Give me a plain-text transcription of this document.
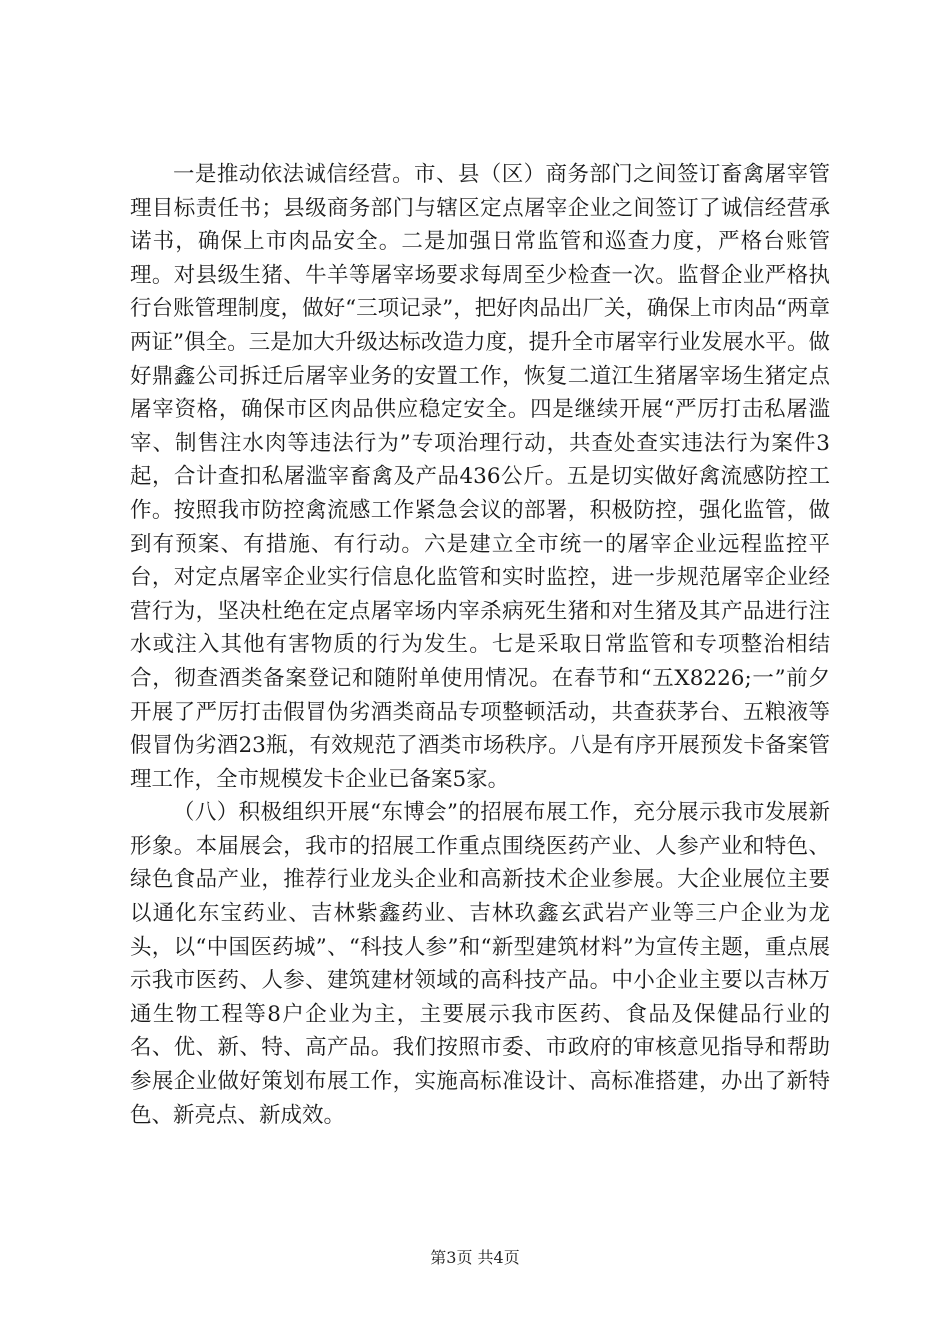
一是推动依法诚信经营。市、县（区）商务部门之间签订畜禽屠宰管理目标责任书；县级商务部门与辖区定点屠宰企业之间签订了诚信经营承诺书，确保上市肉品安全。二是加强日常监管和巡查力度，严格台账管理。对县级生猪、牛羊等屠宰场要求每周至少检查一次。监督企业严格执行台账管理制度，做好“三项记录”，把好肉品出厂关，确保上市肉品“两章两证”俱全。三是加大升级达标改造力度，提升全市屠宰行业发展水平。做好鼎鑫公司拆迁后屠宰业务的安置工作，恢复二道江生猪屠宰场生猪定点屠宰资格，确保市区肉品供应稳定安全。四是继续开展“严厉打击私屠滥宰、制售注水肉等违法行为”专项治理行动，共查处查实违法行为案件3起，合计查扣私屠滥宰畜禽及产品436公斤。五是切实做好禽流感防控工作。按照我市防控禽流感工作紧急会议的部署，积极防控，强化监管，做到有预案、有措施、有行动。六是建立全市统一的屠宰企业远程监控平台，对定点屠宰企业实行信息化监管和实时监控，进一步规范屠宰企业经营行为，坚决杜绝在定点屠宰场内宰杀病死生猪和对生猪及其产品进行注水或注入其他有害物质的行为发生。七是采取日常监管和专项整治相结合，彻查酒类备案登记和随附单使用情况。在春节和“五X8226;一”前夕开展了严厉打击假冒伪劣酒类商品专项整顿活动，共查获茅台、五粮液等假冒伪劣酒23瓶，有效规范了酒类市场秩序。八是有序开展预发卡备案管理工作，全市规模发卡企业已备案5家。

（八）积极组织开展“东博会”的招展布展工作，充分展示我市发展新形象。本届展会，我市的招展工作重点围绕医药产业、人参产业和特色、绿色食品产业，推荐行业龙头企业和高新技术企业参展。大企业展位主要以通化东宝药业、吉林紫鑫药业、吉林玖鑫玄武岩产业等三户企业为龙头，以“中国医药城”、“科技人参”和“新型建筑材料”为宣传主题，重点展示我市医药、人参、建筑建材领域的高科技产品。中小企业主要以吉林万通生物工程等8户企业为主，主要展示我市医药、食品及保健品行业的名、优、新、特、高产品。我们按照市委、市政府的审核意见指导和帮助参展企业做好策划布展工作，实施高标准设计、高标准搭建，办出了新特色、新亮点、新成效。

第3页 共4页
